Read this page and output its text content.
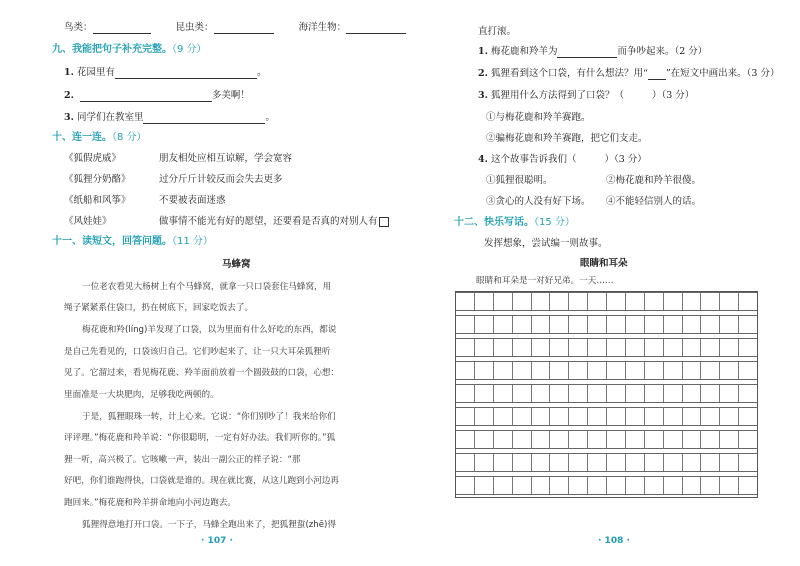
鸟类：	昆虫类：	海洋生物：
九、我能把句子补充完整。（9 分）
1. 花园里有	。
2.	多美啊！
3. 同学们在教室里	。
十、连一连。（8 分）
《狐假虎威》	朋友相处应相互谅解，学会宽容
《狐狸分奶酪》	过分斤斤计较反而会失去更多
《纸船和风筝》	不要被表面迷惑
《风娃娃》	做事情不能光有好的愿望，还要看是否真的对别人有
十一、读短文，回答问题。（11 分）
马蜂窝
一位老农看见大杨树上有个马蜂窝，就拿一只口袋套住马蜂窝，用
绳子紧紧系住袋口，扔在树底下，回家吃饭去了。
梅花鹿和羚(líng)羊发现了口袋，以为里面有什么好吃的东西，都说
是自己先看见的，口袋该归自己。它们吵起来了，让一只大耳朵狐狸听
见了。它溜过来，看见梅花鹿、羚羊面前放着一个圆鼓鼓的口袋，心想：
里面准是一大块肥肉，足够我吃两顿的。
于是，狐狸眼珠一转，计上心来。它说：“你们别吵了！我来给你们
评评理。”梅花鹿和羚羊说：“你很聪明，一定有好办法。我们听你的。”狐
狸一听，高兴极了。它咳嗽一声，装出一副公正的样子说：“那
好吧，你们谁跑得快，口袋就是谁的。现在就比赛，从这儿跑到小河边再
跑回来。”梅花鹿和羚羊拼命地向小河边跑去。
狐狸得意地打开口袋。一下子，马蜂全跑出来了，把狐狸蜇(zhē)得
· 107 ·
直打滚。
1. 梅花鹿和羚羊为	而争吵起来。（2 分）
2. 狐狸看到这个口袋，有什么想法？用“ ”在短文中画出来。（3 分）
3. 狐狸用什么方法得到了口袋？（	）（3 分）
①与梅花鹿和羚羊赛跑。
②骗梅花鹿和羚羊赛跑，把它们支走。
4. 这个故事告诉我们（	）（3 分）
①狐狸很聪明。	②梅花鹿和羚羊很傻。
③贪心的人没有好下场。 ④不能轻信别人的话。
十二、快乐写话。（15 分）
发挥想象，尝试编一则故事。
眼睛和耳朵
眼睛和耳朵是一对好兄弟。一天……
· 108 ·
